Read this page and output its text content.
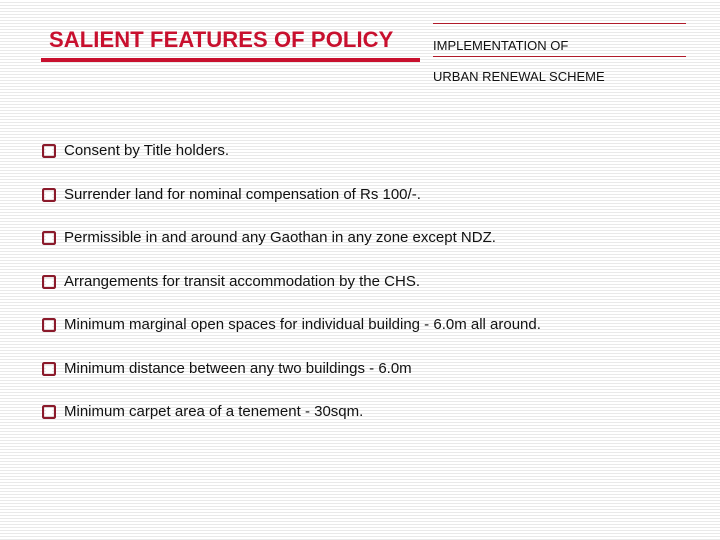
SALIENT FEATURES OF POLICY	IMPLEMENTATION OF
URBAN RENEWAL SCHEME
Consent by Title holders.
Surrender land for nominal compensation of Rs 100/-.
Permissible in and around any Gaothan in any zone except NDZ.
Arrangements for transit accommodation by the CHS.
Minimum marginal open spaces for individual building - 6.0m all around.
Minimum distance between any two buildings - 6.0m
Minimum carpet area of a tenement - 30sqm.
